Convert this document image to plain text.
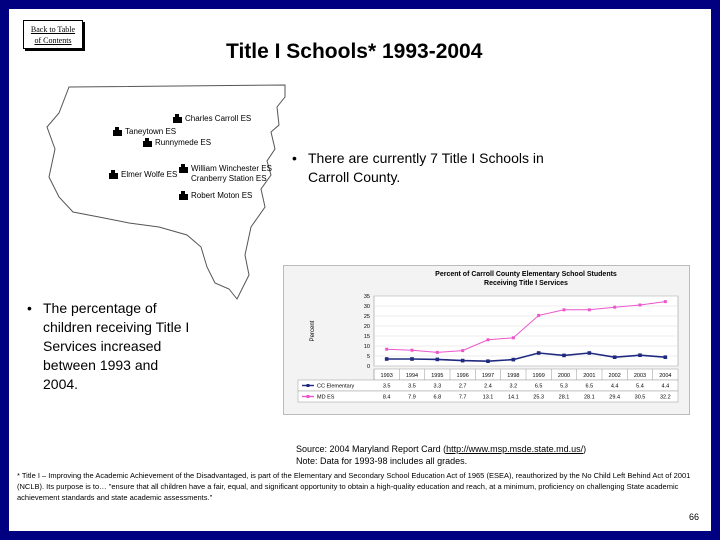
Back to Table
of Contents	Title I Schools* 1993-2004
Charles Carroll ES
Taneytown ES
Runnymede ES
Elmer Wolfe ES
William Winchester ES
Cranberry Station ES
Robert Moton ES
• There are currently 7 Title I Schools in Carroll County.
• The percentage of children receiving Title I Services increased between 1993 and 2004.
Percent of Carroll County Elementary School Students
Receiving Title I Services
35
30
25
20
15
10
5
0
Percent
1993 1994 1995 1996 1997 1998 1999 2000 2001 2002 2003 2004
CC Elementary	3.5	3.5	3.3	2.7	2.4	3.2	6.5	5.3	6.5	4.4	5.4	4.4
MD ES	8.4	7.9	6.8	7.7	13.1	14.1	25.3	28.1	28.1	29.4	30.5	32.2
Source: 2004 Maryland Report Card (http://www.msp.msde.state.md.us/)
Note: Data for 1993-98 includes all grades.
* Title I – Improving the Academic Achievement of the Disadvantaged, is part of the Elementary and Secondary School Education Act of 1965 (ESEA), reauthorized by the No Child Left Behind Act of 2001 (NCLB). Its purpose is to… "ensure that all children have a fair, equal, and significant opportunity to obtain a high-quality education and reach, at a minimum, proficiency on challenging State academic achievement standards and state academic assessments."
66
